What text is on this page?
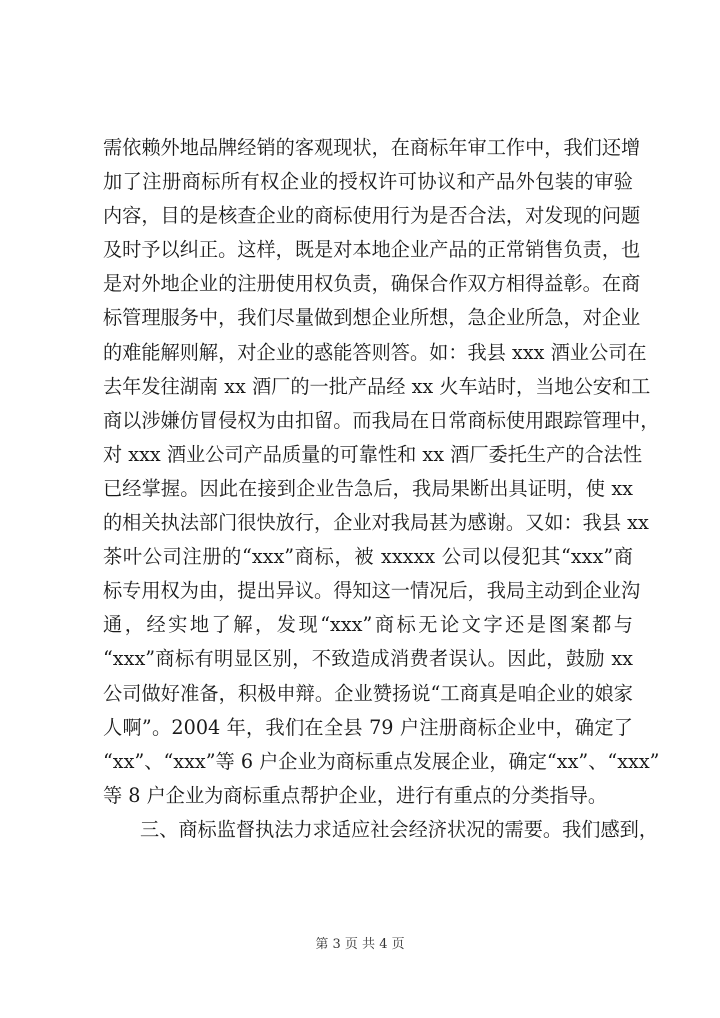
需依赖外地品牌经销的客观现状，在商标年审工作中，我们还增
加了注册商标所有权企业的授权许可协议和产品外包装的审验
内容，目的是核查企业的商标使用行为是否合法，对发现的问题
及时予以纠正。这样，既是对本地企业产品的正常销售负责，也
是对外地企业的注册使用权负责，确保合作双方相得益彰。在商
标管理服务中，我们尽量做到想企业所想，急企业所急，对企业
的难能解则解，对企业的惑能答则答。如：我县 xxx 酒业公司在
去年发往湖南 xx 酒厂的一批产品经 xx 火车站时，当地公安和工
商以涉嫌仿冒侵权为由扣留。而我局在日常商标使用跟踪管理中，
对 xxx 酒业公司产品质量的可靠性和 xx 酒厂委托生产的合法性
已经掌握。因此在接到企业告急后，我局果断出具证明，使 xx
的相关执法部门很快放行，企业对我局甚为感谢。又如：我县 xx
茶叶公司注册的“xxx”商标，被 xxxxx 公司以侵犯其“xxx”商
标专用权为由，提出异议。得知这一情况后，我局主动到企业沟
通，经实地了解，发现“xxx”商标无论文字还是图案都与
“xxx”商标有明显区别，不致造成消费者误认。因此，鼓励 xx
公司做好准备，积极申辩。企业赞扬说“工商真是咱企业的娘家
人啊”。2004 年，我们在全县 79 户注册商标企业中，确定了
“xx”、“xxx”等 6 户企业为商标重点发展企业，确定“xx”、“xxx”
等 8 户企业为商标重点帮护企业，进行有重点的分类指导。
三、商标监督执法力求适应社会经济状况的需要。我们感到，
第 3 页 共 4 页
